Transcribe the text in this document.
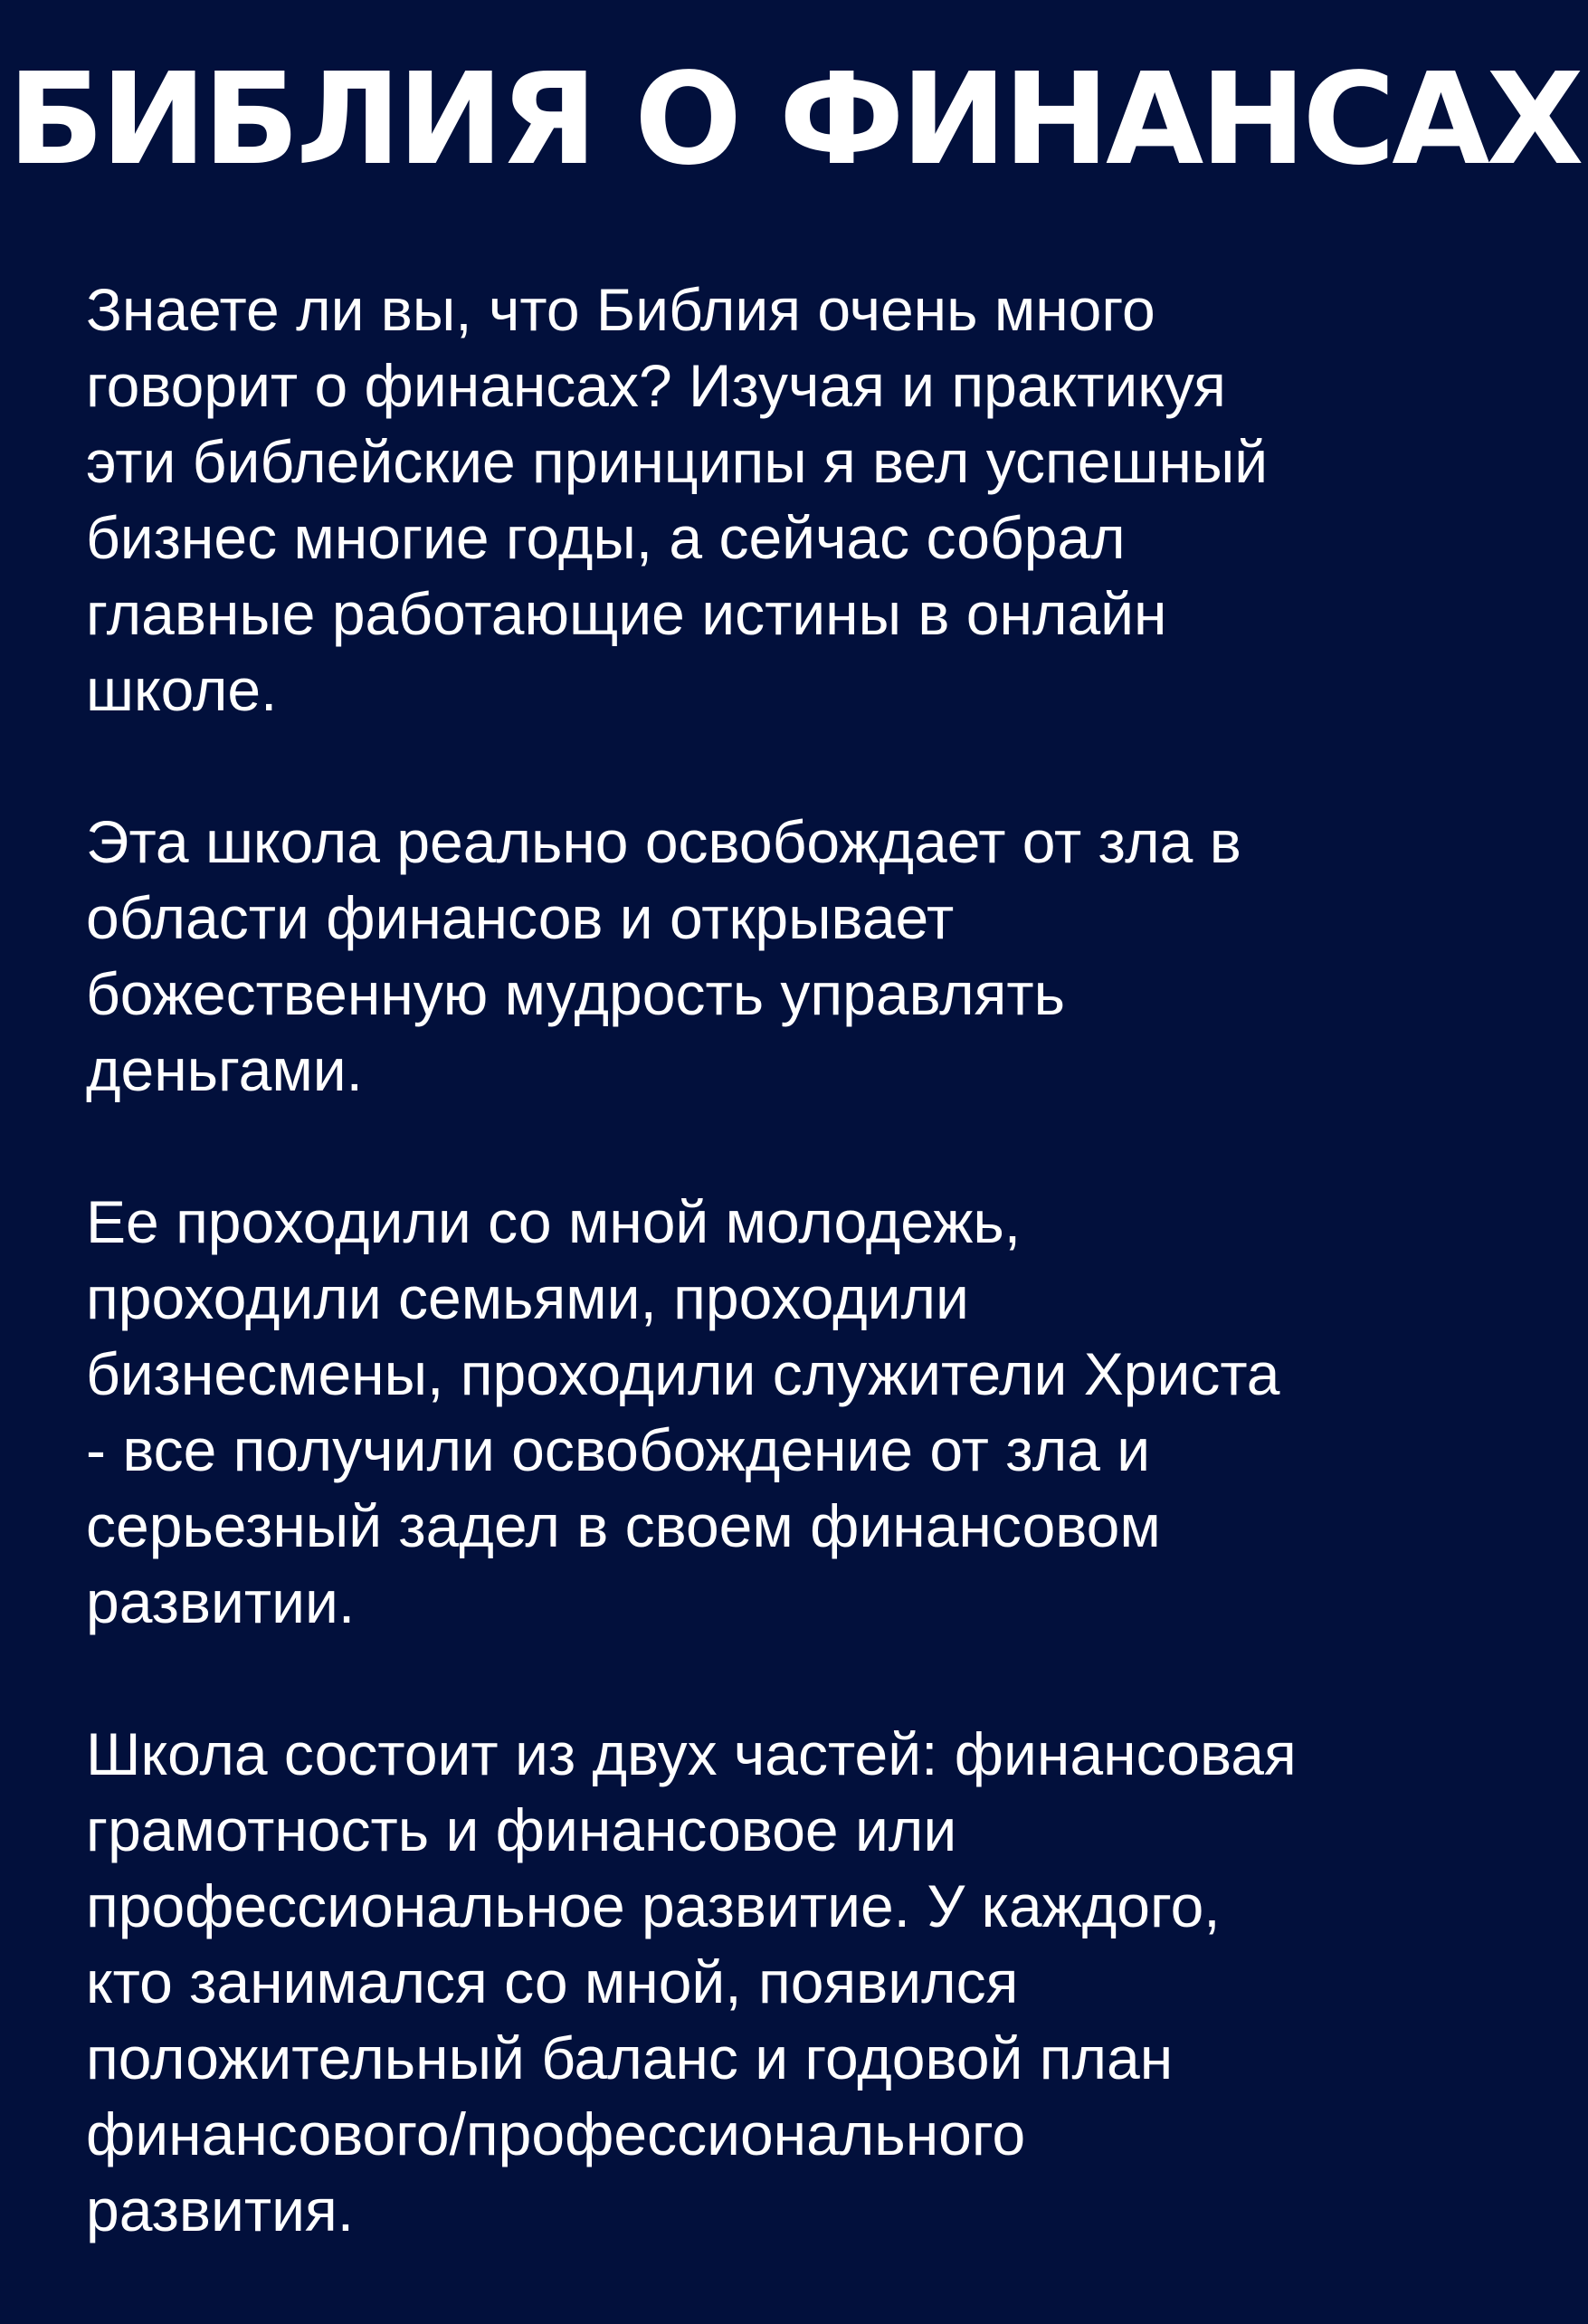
БИБЛИЯ О ФИНАНСАХ

Знаете ли вы, что Библия очень много
говорит о финансах? Изучая и практикуя
эти библейские принципы я вел успешный
бизнес многие годы, а сейчас собрал
главные работающие истины в онлайн
школе.

Эта школа реально освобождает от зла в
области финансов и открывает
божественную мудрость управлять
деньгами.

Ее проходили со мной молодежь,
проходили семьями, проходили
бизнесмены, проходили служители Христа
- все получили освобождение от зла и
серьезный задел в своем финансовом
развитии.

Школа состоит из двух частей: финансовая
грамотность и финансовое или
профессиональное развитие. У каждого,
кто занимался со мной, появился
положительный баланс и годовой план
финансового/профессионального
развития.
